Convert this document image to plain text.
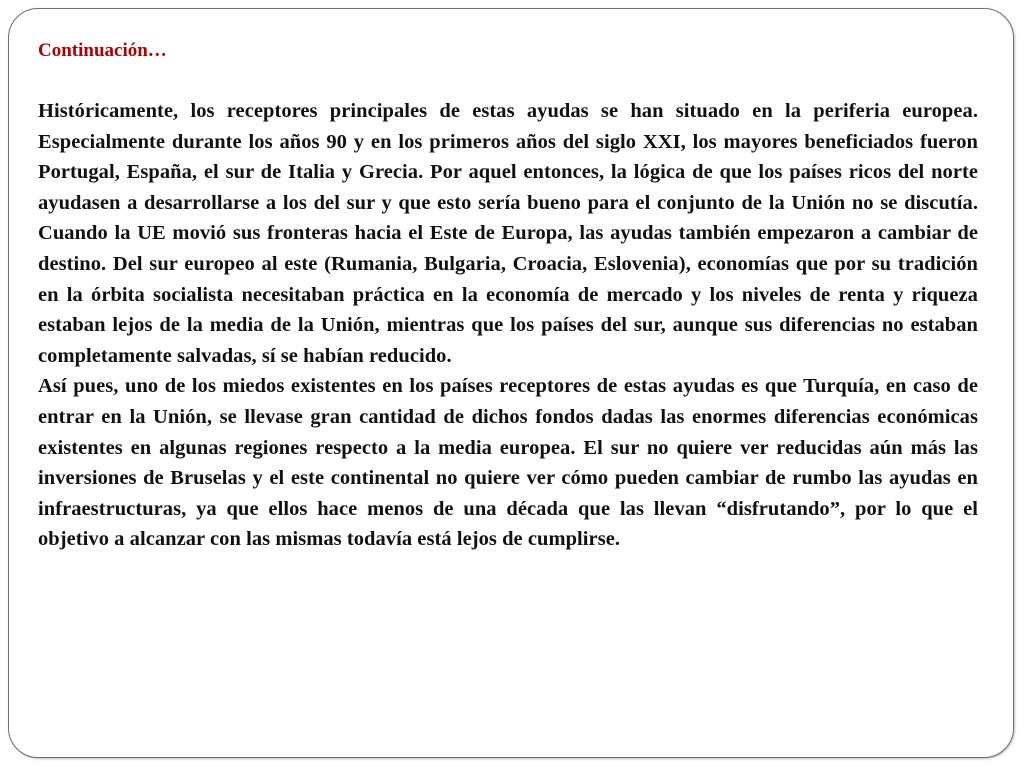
Continuación…

Históricamente, los receptores principales de estas ayudas se han situado en la periferia europea. Especialmente durante los años 90 y en los primeros años del siglo XXI, los mayores beneficiados fueron Portugal, España, el sur de Italia y Grecia. Por aquel entonces, la lógica de que los países ricos del norte ayudasen a desarrollarse a los del sur y que esto sería bueno para el conjunto de la Unión no se discutía. Cuando la UE movió sus fronteras hacia el Este de Europa, las ayudas también empezaron a cambiar de destino. Del sur europeo al este (Rumania, Bulgaria, Croacia, Eslovenia), economías que por su tradición en la órbita socialista necesitaban práctica en la economía de mercado y los niveles de renta y riqueza estaban lejos de la media de la Unión, mientras que los países del sur, aunque sus diferencias no estaban completamente salvadas, sí se habían reducido.

Así pues, uno de los miedos existentes en los países receptores de estas ayudas es que Turquía, en caso de entrar en la Unión, se llevase gran cantidad de dichos fondos dadas las enormes diferencias económicas existentes en algunas regiones respecto a la media europea. El sur no quiere ver reducidas aún más las inversiones de Bruselas y el este continental no quiere ver cómo pueden cambiar de rumbo las ayudas en infraestructuras, ya que ellos hace menos de una década que las llevan “disfrutando”, por lo que el objetivo a alcanzar con las mismas todavía está lejos de cumplirse.
